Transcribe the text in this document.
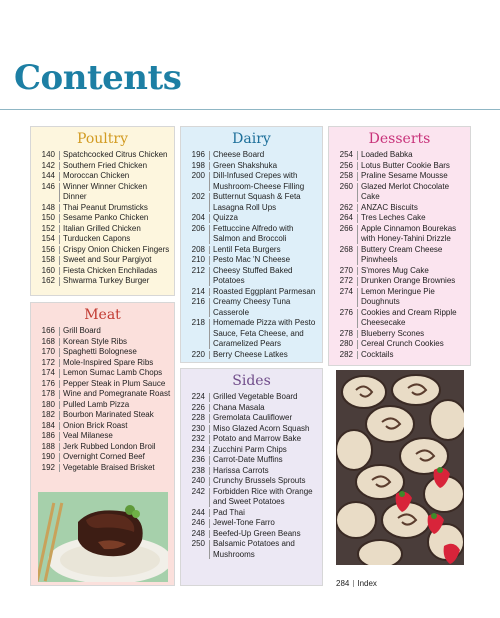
Contents
Poultry
140 Spatchcocked Citrus Chicken
142 Southern Fried Chicken
144 Moroccan Chicken
146 Winner Winner Chicken Dinner
148 Thai Peanut Drumsticks
150 Sesame Panko Chicken
152 Italian Grilled Chicken
154 Turducken Capons
156 Crispy Onion Chicken Fingers
158 Sweet and Sour Pargiyot
160 Fiesta Chicken Enchiladas
162 Shwarma Turkey Burger
Meat
166 Grill Board
168 Korean Style Ribs
170 Spaghetti Bolognese
172 Mole-Inspired Spare Ribs
174 Lemon Sumac Lamb Chops
176 Pepper Steak in Plum Sauce
178 Wine and Pomegranate Roast
180 Pulled Lamb Pizza
182 Bourbon Marinated Steak
184 Onion Brick Roast
186 Veal Milanese
188 Jerk Rubbed London Broil
190 Overnight Corned Beef
192 Vegetable Braised Brisket
Dairy
196 Cheese Board
198 Green Shakshuka
200 Dill-Infused Crepes with Mushroom-Cheese Filling
202 Butternut Squash & Feta Lasagna Roll Ups
204 Quizza
206 Fettuccine Alfredo with Salmon and Broccoli
208 Lentil Feta Burgers
210 Pesto Mac 'N Cheese
212 Cheesy Stuffed Baked Potatoes
214 Roasted Eggplant Parmesan
216 Creamy Cheesy Tuna Casserole
218 Homemade Pizza with Pesto Sauce, Feta Cheese, and Caramelized Pears
220 Berry Cheese Latkes
Sides
224 Grilled Vegetable Board
226 Chana Masala
228 Gremolata Cauliflower
230 Miso Glazed Acorn Squash
232 Potato and Marrow Bake
234 Zucchini Parm Chips
236 Carrot-Date Muffins
238 Harissa Carrots
240 Crunchy Brussels Sprouts
242 Forbidden Rice with Orange and Sweet Potatoes
244 Pad Thai
246 Jewel-Tone Farro
248 Beefed-Up Green Beans
250 Balsamic Potatoes and Mushrooms
Desserts
254 Loaded Babka
256 Lotus Butter Cookie Bars
258 Praline Sesame Mousse
260 Glazed Merlot Chocolate Cake
262 ANZAC Biscuits
264 Tres Leches Cake
266 Apple Cinnamon Bourekas with Honey-Tahini Drizzle
268 Buttery Cream Cheese Pinwheels
270 S'mores Mug Cake
272 Drunken Orange Brownies
274 Lemon Meringue Pie Doughnuts
276 Cookies and Cream Ripple Cheesecake
278 Blueberry Scones
280 Cereal Crunch Cookies
282 Cocktails
284 Index
